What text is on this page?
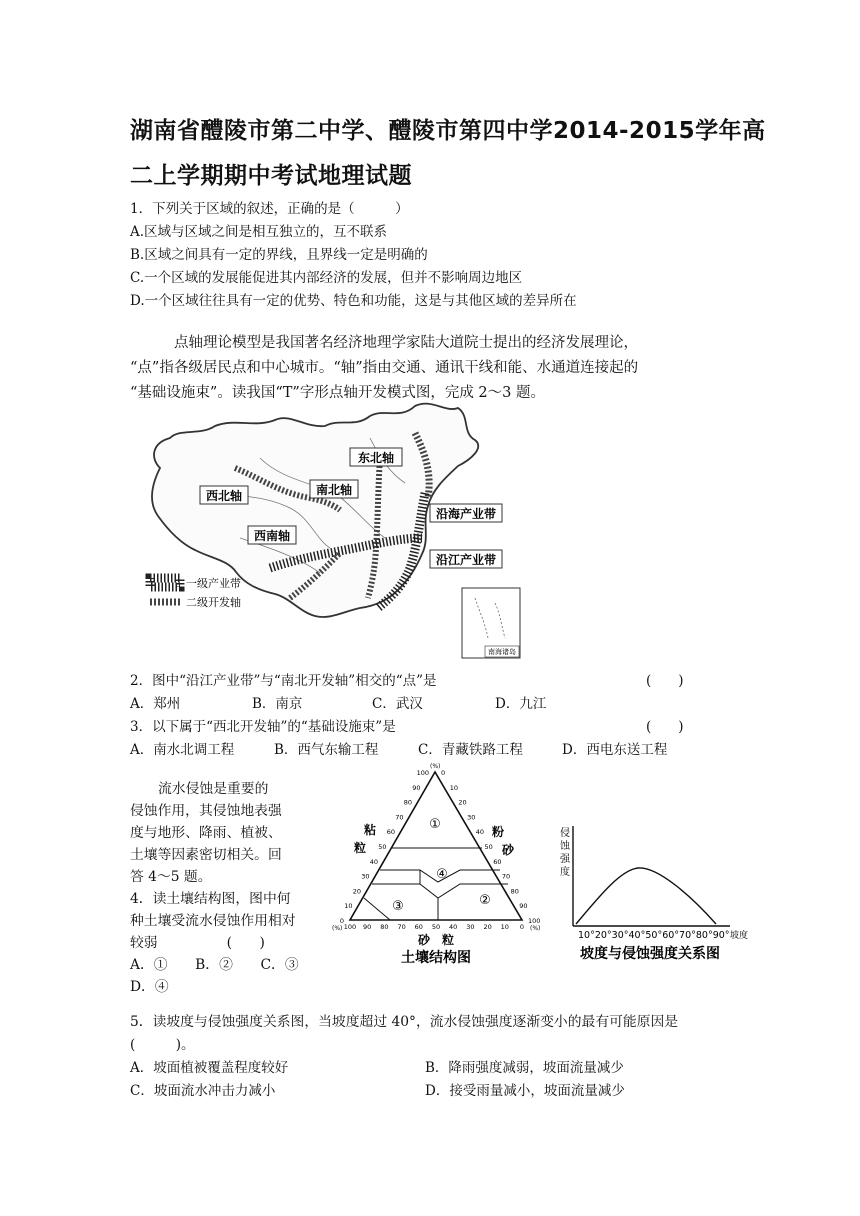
湖南省醴陵市第二中学、醴陵市第四中学2014-2015学年高
二上学期期中考试地理试题
1．下列关于区域的叙述，正确的是（　　　）
A.区域与区域之间是相互独立的，互不联系
B.区域之间具有一定的界线，且界线一定是明确的
C.一个区域的发展能促进其内部经济的发展，但并不影响周边地区
D.一个区域往往具有一定的优势、特色和功能，这是与其他区域的差异所在

点轴理论模型是我国著名经济地理学家陆大道院士提出的经济发展理论，

“点”指各级居民点和中心城市。“轴”指由交通、通讯干线和能、水通道连接起的

“基础设施束”。读我国“T”字形点轴开发模式图，完成 2～3 题。

东北轴
西北轴	南北轴
沿海产业带
西南轴
沿江产业带
一级产业带
二级开发轴
南海诸岛
2．图中“沿江产业带”与“南北开发轴”相交的“点”是	(　　)
A．郑州	B．南京	C．武汉	D．九江
3．以下属于“西北开发轴”的“基础设施束”是	(　　)
A．南水北调工程	B．西气东输工程	C．青藏铁路工程	D．西电东送工程

流水侵蚀是重要的

侵蚀作用，其侵蚀地表强

度与地形、降雨、植被、

土壤等因素密切相关。回

答 4～5 题。

4．读土壤结构图，图中何

种土壤受流水侵蚀作用相对

较弱　　　　　(　　)

A．①　　B．②　　C．③

D．④

①
②
③
④
(%)
100
90
80
70
60
50
40
30
20
10
0
0
10
20
30
40
50
60
70
80
90
100
100 90 80 70 60 50 40 30 20 10 0
(%)	(%)
粘
粒
粉
砂
砂　粒
土壤结构图
侵
蚀
强
度
10°20°30°40°50°60°70°80°90° 坡度
坡度与侵蚀强度关系图
5．读坡度与侵蚀强度关系图，当坡度超过 40°，流水侵蚀强度逐渐变小的最有可能原因是
(　　　)。
A．坡面植被覆盖程度较好	B．降雨强度减弱，坡面流量减少
C．坡面流水冲击力减小	D．接受雨量减小，坡面流量减少
